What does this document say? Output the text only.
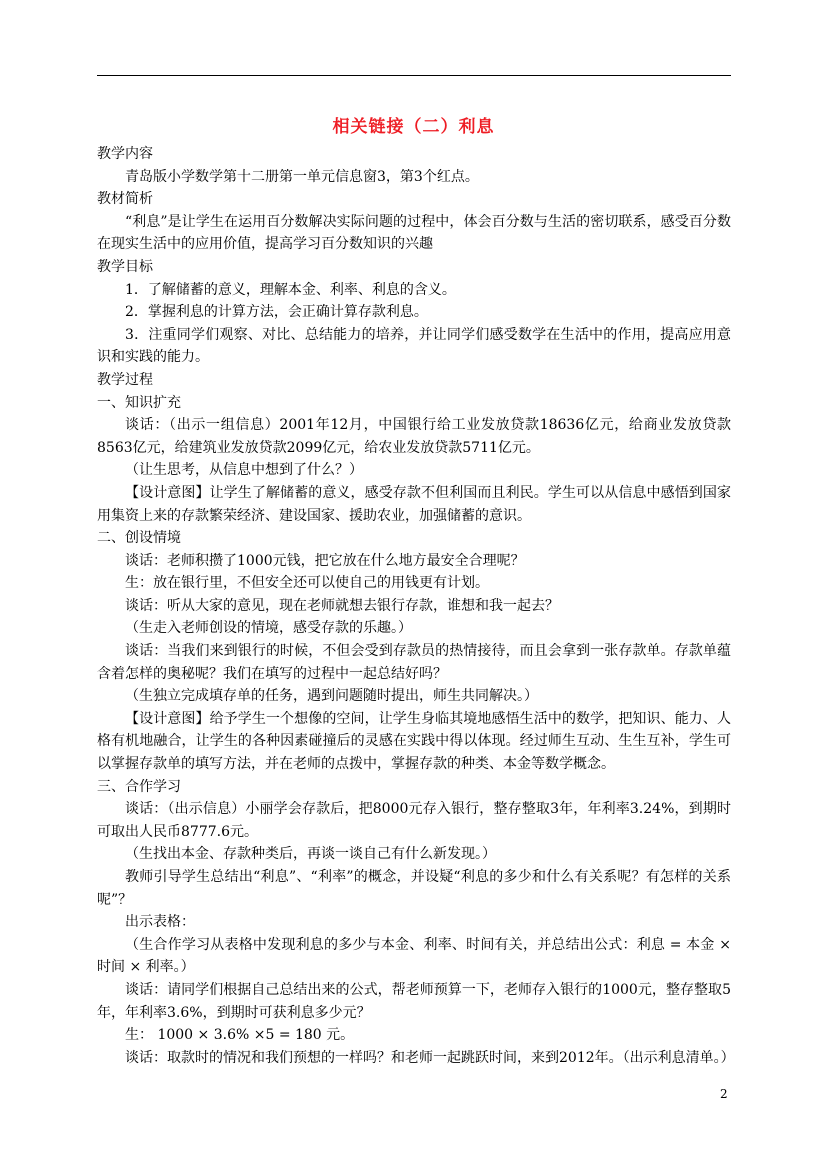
相关链接（二）利息

教学内容

青岛版小学数学第十二册第一单元信息窗3，第3个红点。

教材简析

“利息”是让学生在运用百分数解决实际问题的过程中，体会百分数与生活的密切联系，感受百分数在现实生活中的应用价值，提高学习百分数知识的兴趣

教学目标

1．了解储蓄的意义，理解本金、利率、利息的含义。

2．掌握利息的计算方法，会正确计算存款利息。

3．注重同学们观察、对比、总结能力的培养，并让同学们感受数学在生活中的作用，提高应用意识和实践的能力。

教学过程

一、知识扩充

谈话：（出示一组信息）2001年12月，中国银行给工业发放贷款18636亿元，给商业发放贷款8563亿元，给建筑业发放贷款2099亿元，给农业发放贷款5711亿元。

（让生思考，从信息中想到了什么？）

【设计意图】让学生了解储蓄的意义，感受存款不但利国而且利民。学生可以从信息中感悟到国家用集资上来的存款繁荣经济、建设国家、援助农业，加强储蓄的意识。

二、创设情境

谈话：老师积攒了1000元钱，把它放在什么地方最安全合理呢？

生：放在银行里，不但安全还可以使自己的用钱更有计划。

谈话：听从大家的意见，现在老师就想去银行存款，谁想和我一起去？

（生走入老师创设的情境，感受存款的乐趣。）

谈话：当我们来到银行的时候，不但会受到存款员的热情接待，而且会拿到一张存款单。存款单蕴含着怎样的奥秘呢？我们在填写的过程中一起总结好吗？

（生独立完成填存单的任务，遇到问题随时提出，师生共同解决。）

【设计意图】给予学生一个想像的空间，让学生身临其境地感悟生活中的数学，把知识、能力、人格有机地融合，让学生的各种因素碰撞后的灵感在实践中得以体现。经过师生互动、生生互补，学生可以掌握存款单的填写方法，并在老师的点拨中，掌握存款的种类、本金等数学概念。

三、合作学习

谈话：（出示信息）小丽学会存款后，把8000元存入银行，整存整取3年，年利率3.24%，到期时可取出人民币8777.6元。

（生找出本金、存款种类后，再谈一谈自己有什么新发现。）

教师引导学生总结出“利息”、“利率”的概念，并设疑“利息的多少和什么有关系呢？有怎样的关系呢”？

出示表格：

（生合作学习从表格中发现利息的多少与本金、利率、时间有关，并总结出公式：利息 = 本金 × 时间 × 利率。）

谈话：请同学们根据自己总结出来的公式，帮老师预算一下，老师存入银行的1000元，整存整取5年，年利率3.6%，到期时可获利息多少元？

生： 1000 × 3.6% ×5 = 180 元。

谈话：取款时的情况和我们预想的一样吗？和老师一起跳跃时间，来到2012年。（出示利息清单。）

2
